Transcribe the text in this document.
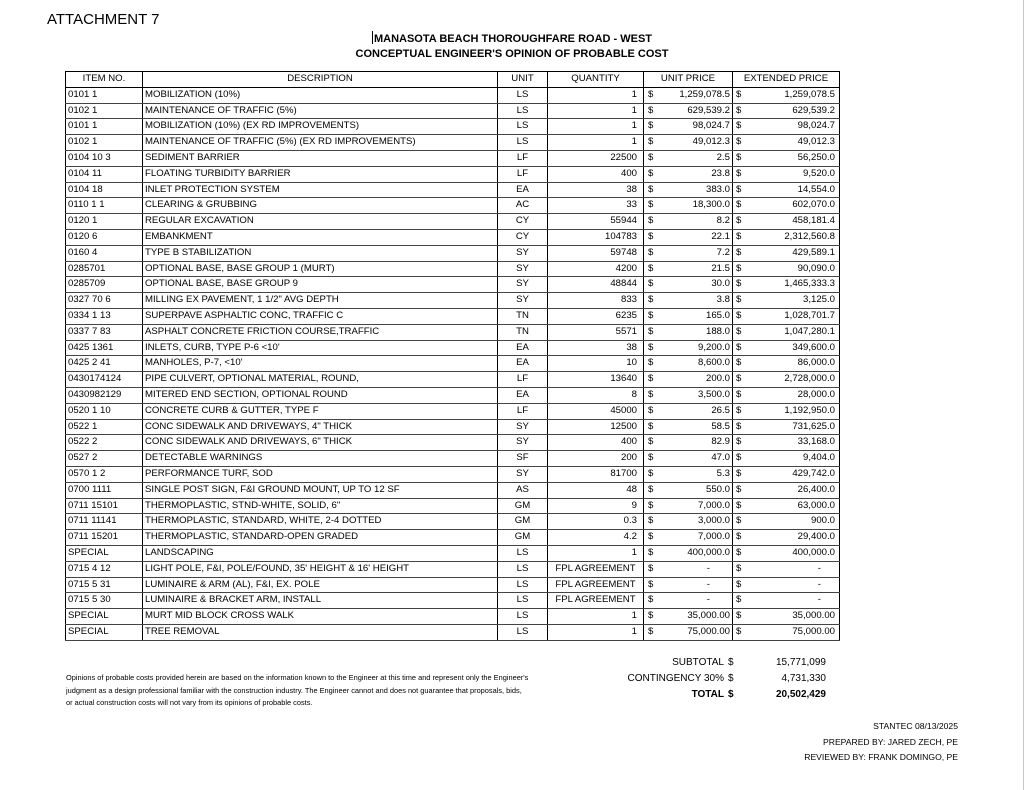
ATTACHMENT 7
MANASOTA BEACH THOROUGHFARE ROAD - WEST
CONCEPTUAL ENGINEER'S OPINION OF PROBABLE COST
ITEM NO.	DESCRIPTION	UNIT	QUANTITY	UNIT PRICE		EXTENDED PRICE	
0101 1	MOBILIZATION (10%)	LS	1	$	1,259,078.5	$	1,259,078.5
0102 1	MAINTENANCE OF TRAFFIC (5%)	LS	1	$	629,539.2	$	629,539.2
0101 1	MOBILIZATION (10%) (EX RD IMPROVEMENTS)	LS	1	$	98,024.7	$	98,024.7
0102 1	MAINTENANCE OF TRAFFIC (5%) (EX RD IMPROVEMENTS)	LS	1	$	49,012.3	$	49,012.3
0104 10 3	SEDIMENT BARRIER	LF	22500	$	2.5	$	56,250.0
0104 11	FLOATING TURBIDITY BARRIER	LF	400	$	23.8	$	9,520.0
0104 18	INLET PROTECTION SYSTEM	EA	38	$	383.0	$	14,554.0
0110 1 1	CLEARING & GRUBBING	AC	33	$	18,300.0	$	602,070.0
0120 1	REGULAR EXCAVATION	CY	55944	$	8.2	$	458,181.4
0120 6	EMBANKMENT	CY	104783	$	22.1	$	2,312,560.8
0160 4	TYPE B STABILIZATION	SY	59748	$	7.2	$	429,589.1
0285701	OPTIONAL BASE, BASE GROUP 1 (MURT)	SY	4200	$	21.5	$	90,090.0
0285709	OPTIONAL BASE, BASE GROUP 9	SY	48844	$	30.0	$	1,465,333.3
0327 70 6	MILLING EX PAVEMENT, 1 1/2" AVG DEPTH	SY	833	$	3.8	$	3,125.0
0334 1 13	SUPERPAVE ASPHALTIC CONC, TRAFFIC C	TN	6235	$	165.0	$	1,028,701.7
0337 7 83	ASPHALT CONCRETE FRICTION COURSE,TRAFFIC	TN	5571	$	188.0	$	1,047,280.1
0425 1361	INLETS, CURB, TYPE P-6 <10'	EA	38	$	9,200.0	$	349,600.0
0425 2 41	MANHOLES, P-7, <10'	EA	10	$	8,600.0	$	86,000.0
0430174124	PIPE CULVERT, OPTIONAL MATERIAL, ROUND,	LF	13640	$	200.0	$	2,728,000.0
0430982129	MITERED END SECTION, OPTIONAL ROUND	EA	8	$	3,500.0	$	28,000.0
0520 1 10	CONCRETE CURB & GUTTER, TYPE F	LF	45000	$	26.5	$	1,192,950.0
0522 1	CONC SIDEWALK AND DRIVEWAYS, 4" THICK	SY	12500	$	58.5	$	731,625.0
0522 2	CONC SIDEWALK AND DRIVEWAYS, 6" THICK	SY	400	$	82.9	$	33,168.0
0527 2	DETECTABLE WARNINGS	SF	200	$	47.0	$	9,404.0
0570 1 2	PERFORMANCE TURF, SOD	SY	81700	$	5.3	$	429,742.0
0700 1111	SINGLE POST SIGN, F&I GROUND MOUNT, UP TO 12 SF	AS	48	$	550.0	$	26,400.0
0711 15101	THERMOPLASTIC, STND-WHITE, SOLID, 6"	GM	9	$	7,000.0	$	63,000.0
0711 11141	THERMOPLASTIC, STANDARD, WHITE, 2-4 DOTTED	GM	0.3	$	3,000.0	$	900.0
0711 15201	THERMOPLASTIC, STANDARD-OPEN GRADED	GM	4.2	$	7,000.0	$	29,400.0
SPECIAL	LANDSCAPING	LS	1	$	400,000.0	$	400,000.0
0715 4 12	LIGHT POLE, F&I, POLE/FOUND, 35' HEIGHT & 16' HEIGHT	LS	FPL AGREEMENT	$	-	$	-
0715 5 31	LUMINAIRE & ARM (AL), F&I, EX. POLE	LS	FPL AGREEMENT	$	-	$	-
0715 5 30	LUMINAIRE & BRACKET ARM, INSTALL	LS	FPL AGREEMENT	$	-	$	-
SPECIAL	MURT MID BLOCK CROSS WALK	LS	1	$	35,000.00	$	35,000.00
SPECIAL	TREE REMOVAL	LS	1	$	75,000.00	$	75,000.00
SUBTOTAL $	15,771,099
CONTINGENCY 30% $	4,731,330
TOTAL $	20,502,429
Opinions of probable costs provided herein are based on the information known to the Engineer at this time and represent only the Engineer's
judgment as a design professional familiar with the construction industry. The Engineer cannot and does not guarantee that proposals, bids,
or actual construction costs will not vary from its opinions of probable costs.
STANTEC 08/13/2025
PREPARED BY: JARED ZECH, PE
REVIEWED BY: FRANK DOMINGO, PE
